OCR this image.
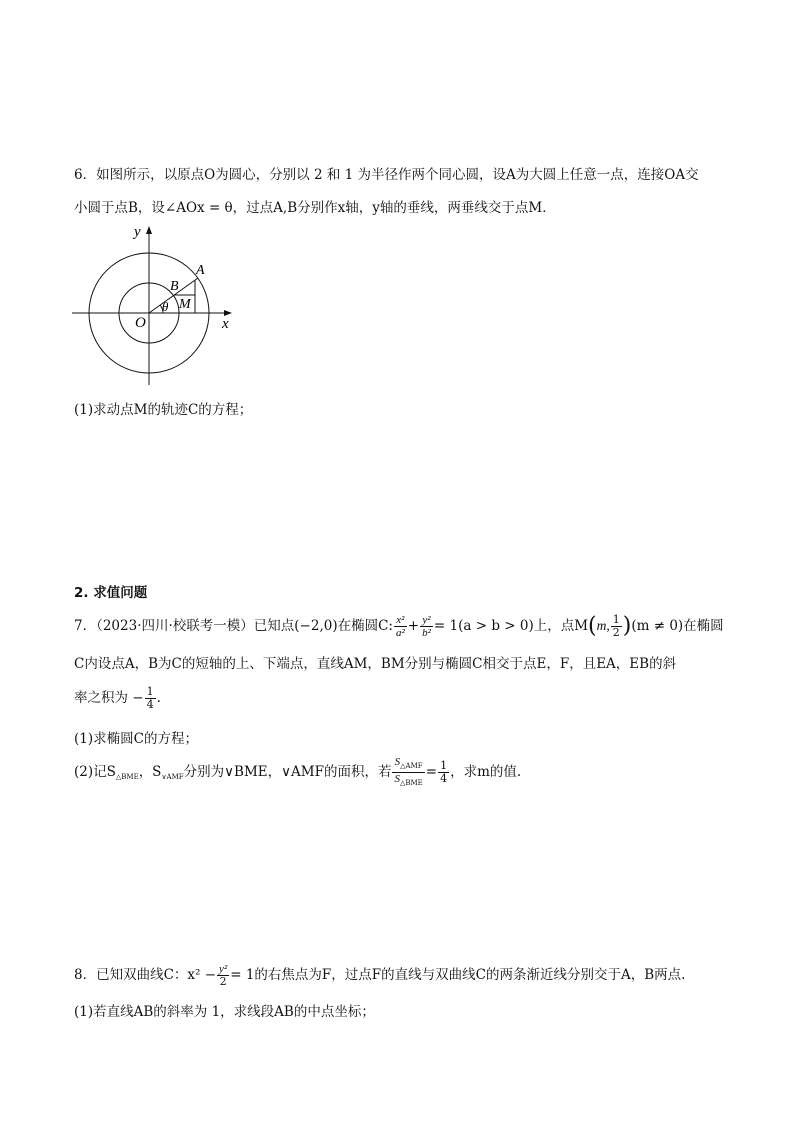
6．如图所示，以原点O为圆心，分别以 2 和 1 为半径作两个同心圆，设A为大圆上任意一点，连接OA交
小圆于点B，设∠AOx = θ，过点A,B分别作x轴，y轴的垂线，两垂线交于点M．
y
x
O
A
B
M
θ
(1)求动点M的轨迹C的方程；
2. 求值问题
7．（2023·四川·校联考一模）已知点(−2,0)在椭圆C: $\frac{\text{x²}}{\text{a²}} + \frac{\text{y²}}{\text{b²}} = 1(a > b > 0)$上，点M(m, $\frac{1}{2} )(m \ne 0)$在椭圆
C内设点A，B为C的短轴的上、下端点，直线AM，BM分别与椭圆C相交于点E，F，且EA，EB的斜
率之积为 − $\frac{1}{4}$ .
(1)求椭圆C的方程；
(2)记$S_{\triangle BME}$，$S_{\vee AMF}$分别为∨BME，∨AMF的面积，若 $\frac{S_{\triangle AMF}}{S_{\triangle BME}} = \frac{1}{4}$ ，求m的值.
8．已知双曲线C：$x^2 - \frac{\text{y²}}{2} = 1$的右焦点为F，过点F的直线与双曲线C的两条渐近线分别交于A，B两点.
(1)若直线AB的斜率为 1，求线段AB的中点坐标；
